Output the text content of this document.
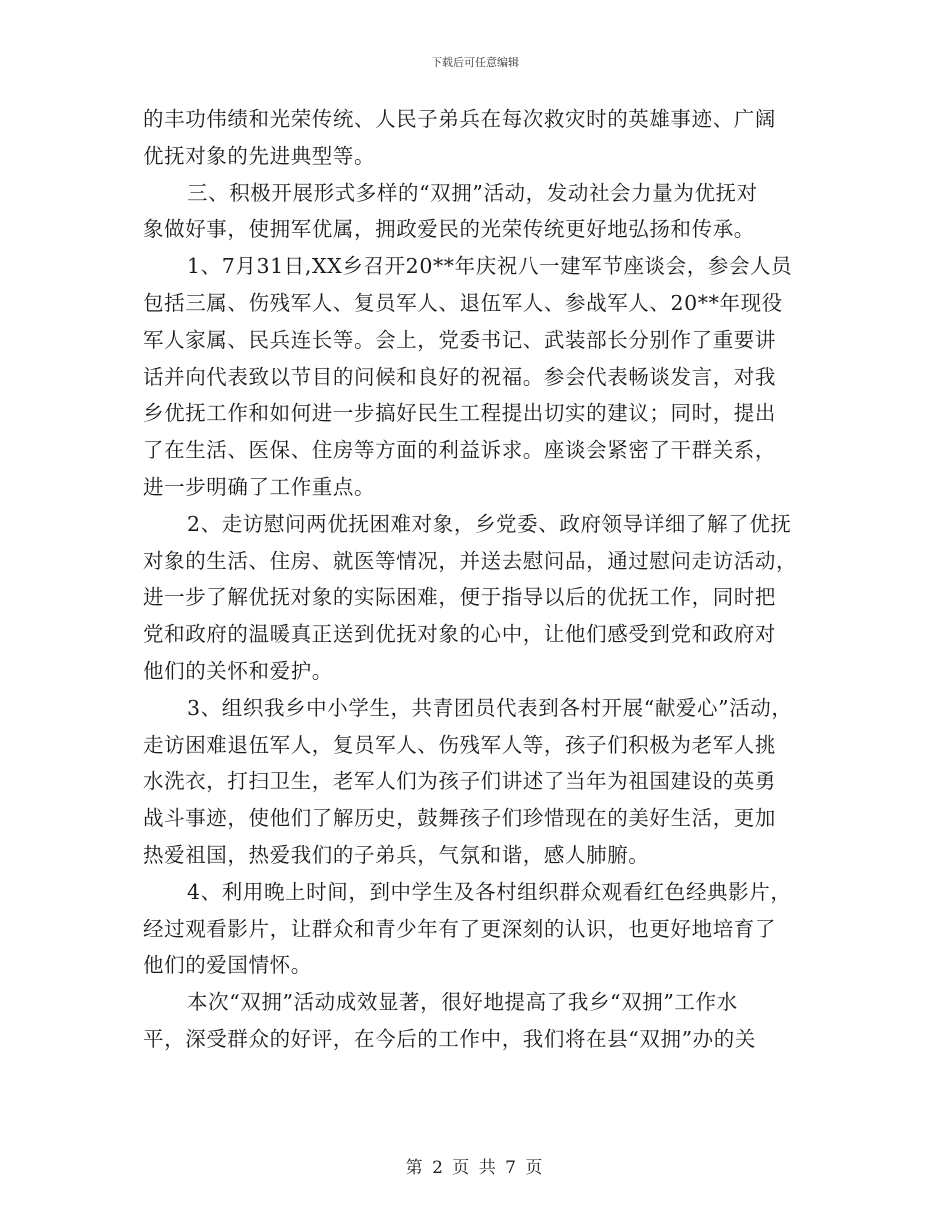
下载后可任意编辑
的丰功伟绩和光荣传统、人民子弟兵在每次救灾时的英雄事迹、广阔
优抚对象的先进典型等。
三、积极开展形式多样的“双拥”活动，发动社会力量为优抚对
象做好事，使拥军优属，拥政爱民的光荣传统更好地弘扬和传承。
1、7月31日,XX乡召开20**年庆祝八一建军节座谈会，参会人员
包括三属、伤残军人、复员军人、退伍军人、参战军人、20**年现役
军人家属、民兵连长等。会上，党委书记、武装部长分别作了重要讲
话并向代表致以节目的问候和良好的祝福。参会代表畅谈发言，对我
乡优抚工作和如何进一步搞好民生工程提出切实的建议；同时，提出
了在生活、医保、住房等方面的利益诉求。座谈会紧密了干群关系，
进一步明确了工作重点。
2、走访慰问两优抚困难对象，乡党委、政府领导详细了解了优抚
对象的生活、住房、就医等情况，并送去慰问品，通过慰问走访活动，
进一步了解优抚对象的实际困难，便于指导以后的优抚工作，同时把
党和政府的温暖真正送到优抚对象的心中，让他们感受到党和政府对
他们的关怀和爱护。
3、组织我乡中小学生，共青团员代表到各村开展“献爱心”活动，
走访困难退伍军人，复员军人、伤残军人等，孩子们积极为老军人挑
水洗衣，打扫卫生，老军人们为孩子们讲述了当年为祖国建设的英勇
战斗事迹，使他们了解历史，鼓舞孩子们珍惜现在的美好生活，更加
热爱祖国，热爱我们的子弟兵，气氛和谐，感人肺腑。
4、利用晚上时间，到中学生及各村组织群众观看红色经典影片，
经过观看影片，让群众和青少年有了更深刻的认识，也更好地培育了
他们的爱国情怀。
本次“双拥”活动成效显著，很好地提高了我乡“双拥”工作水
平，深受群众的好评，在今后的工作中，我们将在县“双拥”办的关
第 2 页 共 7 页
